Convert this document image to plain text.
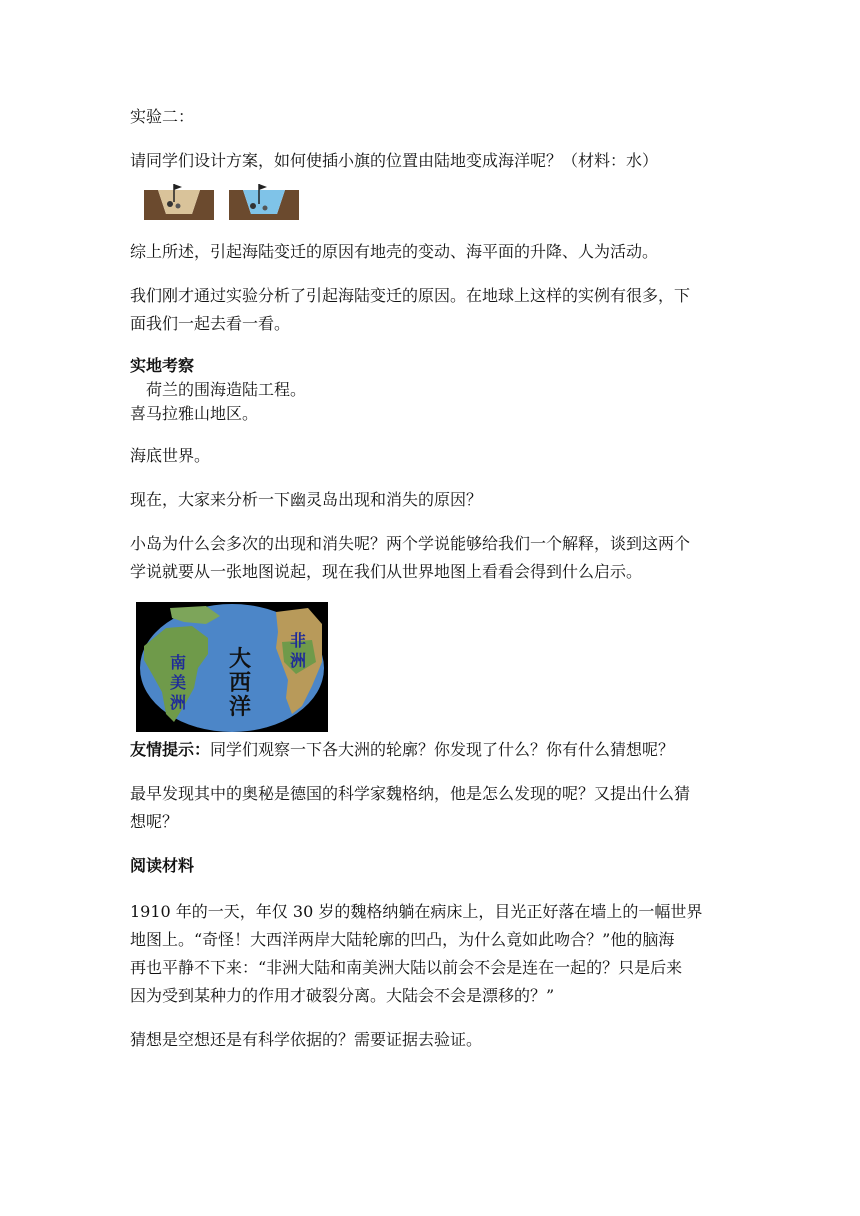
实验二：
请同学们设计方案，如何使插小旗的位置由陆地变成海洋呢？（材料：水）
综上所述，引起海陆变迁的原因有地壳的变动、海平面的升降、人为活动。
我们刚才通过实验分析了引起海陆变迁的原因。在地球上这样的实例有很多，下
面我们一起去看一看。
实地考察
荷兰的围海造陆工程。
喜马拉雅山地区。
海底世界。
现在，大家来分析一下幽灵岛出现和消失的原因？
小岛为什么会多次的出现和消失呢？两个学说能够给我们一个解释，谈到这两个
学说就要从一张地图说起，现在我们从世界地图上看看会得到什么启示。
南
美
洲
大
西
洋
非
洲
友情提示：同学们观察一下各大洲的轮廓？你发现了什么？你有什么猜想呢？
最早发现其中的奥秘是德国的科学家魏格纳，他是怎么发现的呢？又提出什么猜
想呢？
阅读材料
1910 年的一天，年仅 30 岁的魏格纳躺在病床上，目光正好落在墙上的一幅世界
地图上。“奇怪！大西洋两岸大陆轮廓的凹凸，为什么竟如此吻合？”他的脑海
再也平静不下来：“非洲大陆和南美洲大陆以前会不会是连在一起的？只是后来
因为受到某种力的作用才破裂分离。大陆会不会是漂移的？”
猜想是空想还是有科学依据的？需要证据去验证。
